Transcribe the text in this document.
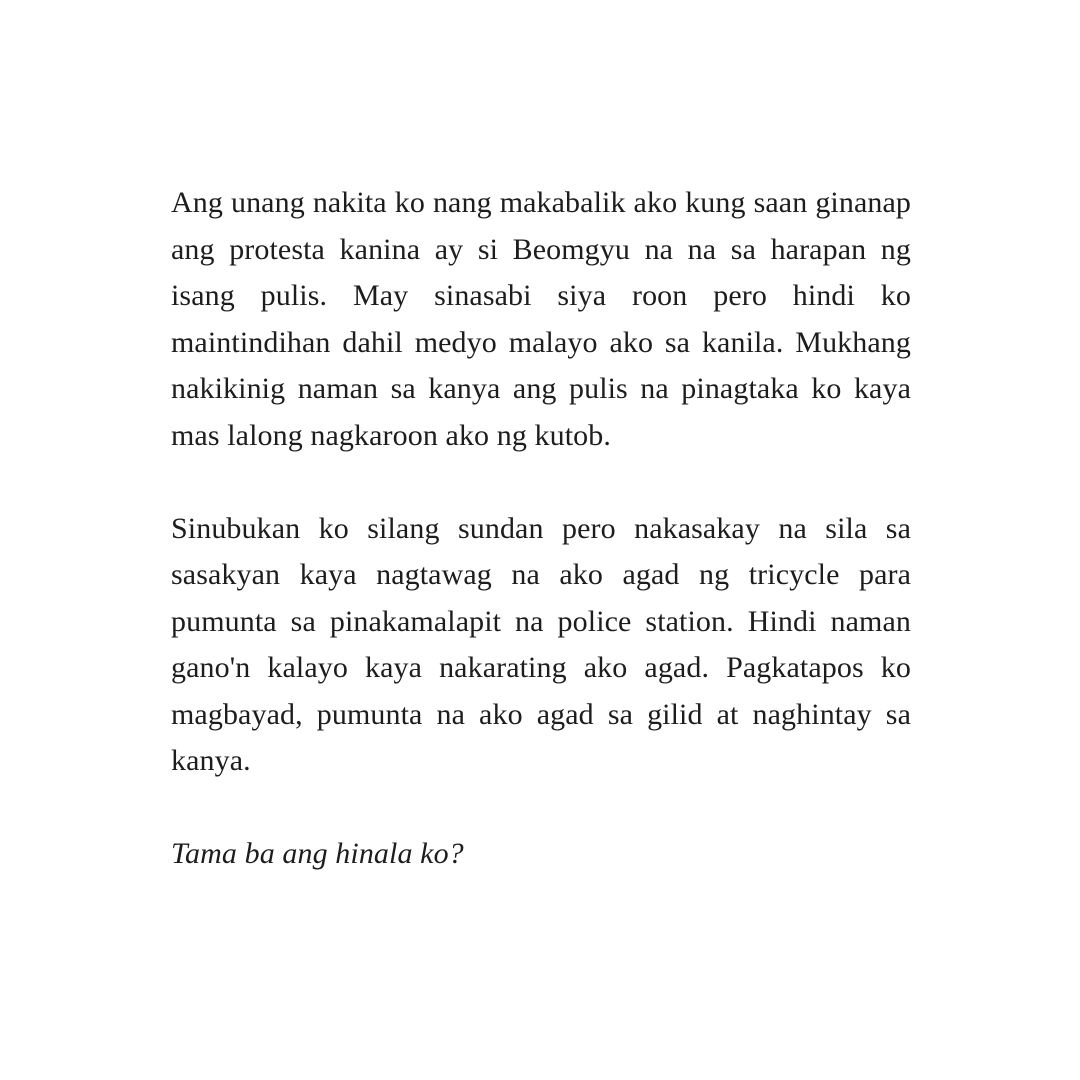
Ang unang nakita ko nang makabalik ako kung saan ginanap ang protesta kanina ay si Beomgyu na na sa harapan ng isang pulis. May sinasabi siya roon pero hindi ko maintindihan dahil medyo malayo ako sa kanila. Mukhang nakikinig naman sa kanya ang pulis na pinagtaka ko kaya mas lalong nagkaroon ako ng kutob.

Sinubukan ko silang sundan pero nakasakay na sila sa sasakyan kaya nagtawag na ako agad ng tricycle para pumunta sa pinakamalapit na police station. Hindi naman gano'n kalayo kaya nakarating ako agad. Pagkatapos ko magbayad, pumunta na ako agad sa gilid at naghintay sa kanya.

Tama ba ang hinala ko?
